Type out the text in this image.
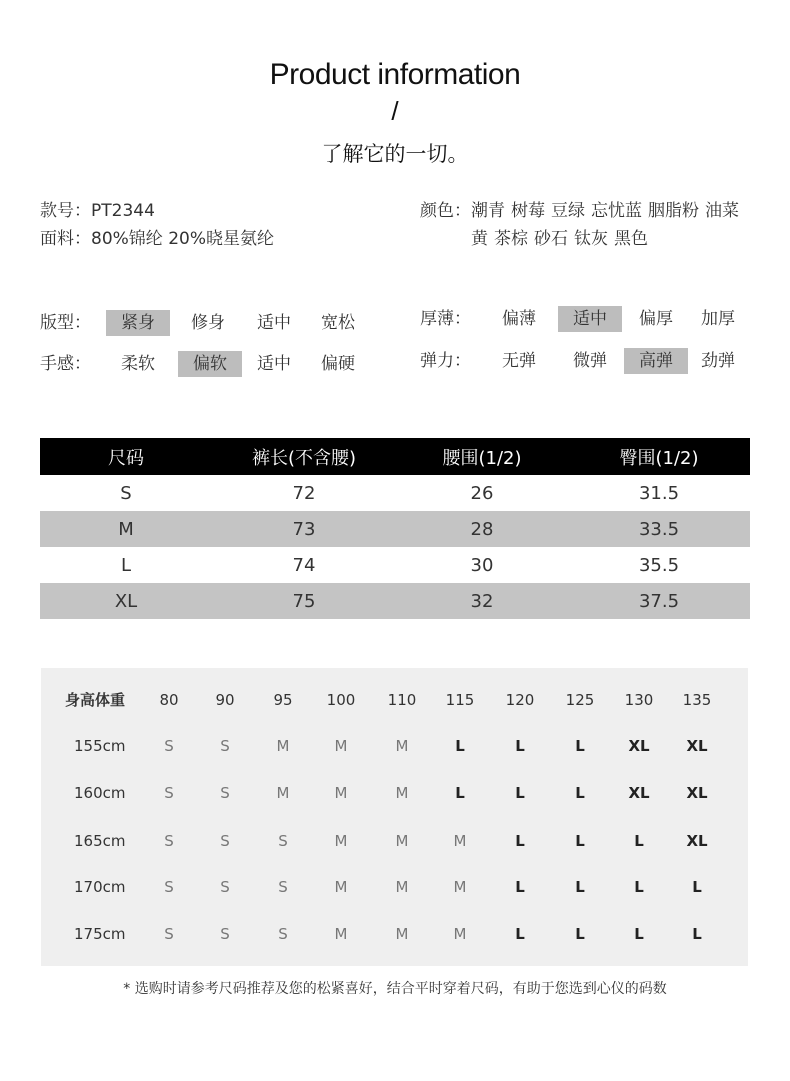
Product information
/
了解它的一切。
款号：PT2344
面料：80%锦纶 20%晓星氨纶
颜色： 潮青 树莓 豆绿 忘忧蓝 胭脂粉 油菜黄 茶棕 砂石 钛灰 黑色
版型：	紧身	修身	适中	宽松
手感：	柔软	偏软	适中	偏硬
厚薄：	偏薄	适中	偏厚	加厚
弹力：	无弹	微弹	高弹	劲弹
尺码	裤长(不含腰)	腰围(1/2)	臀围(1/2)
S	72	26	31.5
M	73	28	33.5
L	74	30	35.5
XL	75	32	37.5
身高体重	80	90	95	100	110	115	120	125	130	135
155cm	S	S	M	M	M	L	L	L	XL	XL
160cm	S	S	M	M	M	L	L	L	XL	XL
165cm	S	S	S	M	M	M	L	L	L	XL
170cm	S	S	S	M	M	M	L	L	L	L
175cm	S	S	S	M	M	M	L	L	L	L
* 选购时请参考尺码推荐及您的松紧喜好，结合平时穿着尺码，有助于您选到心仪的码数
